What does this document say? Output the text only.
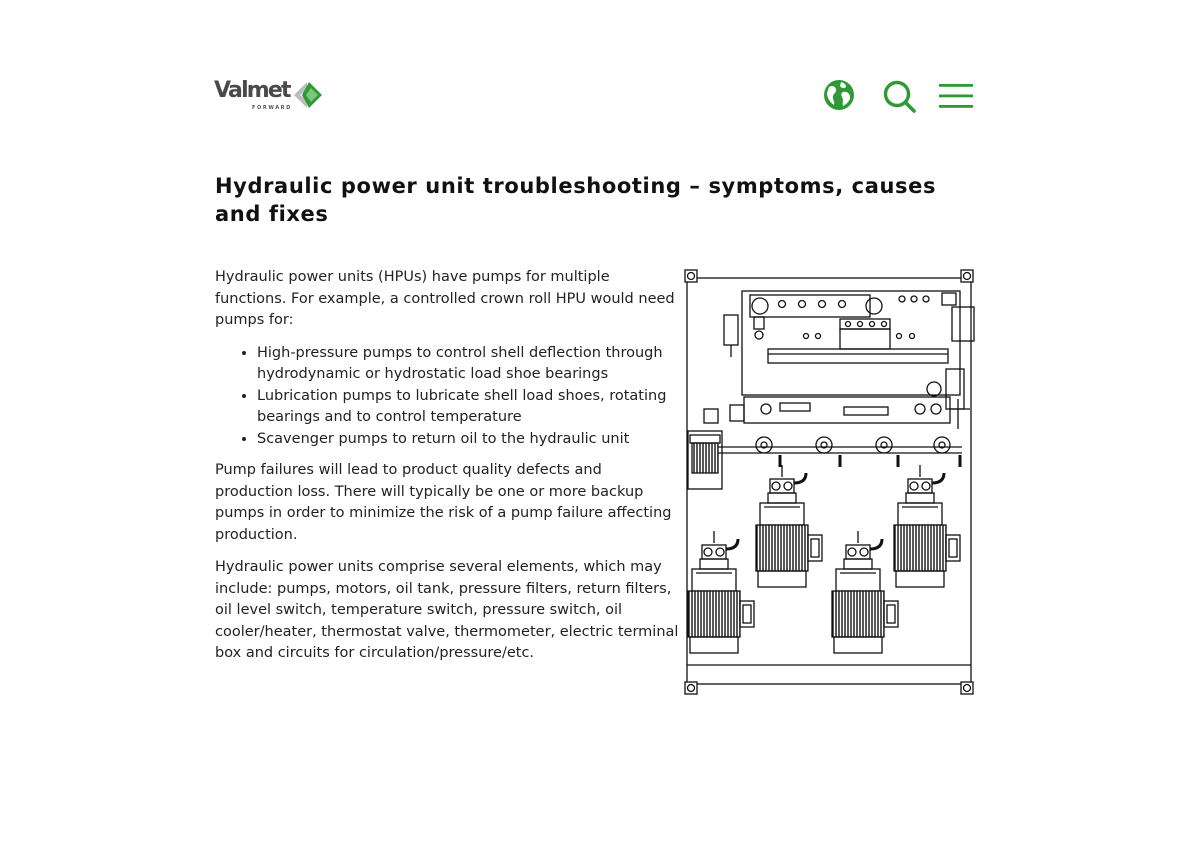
Valmet
FORWARD
Hydraulic power unit troubleshooting – symptoms, causes and fixes

Hydraulic power units (HPUs) have pumps for multiple functions. For example, a controlled crown roll HPU would need pumps for:

• High-pressure pumps to control shell deflection through hydrodynamic or hydrostatic load shoe bearings
• Lubrication pumps to lubricate shell load shoes, rotating bearings and to control temperature
• Scavenger pumps to return oil to the hydraulic unit

Pump failures will lead to product quality defects and production loss. There will typically be one or more backup pumps in order to minimize the risk of a pump failure affecting production.

Hydraulic power units comprise several elements, which may include: pumps, motors, oil tank, pressure filters, return filters, oil level switch, temperature switch, pressure switch, oil cooler/heater, thermostat valve, thermometer, electric terminal box and circuits for circulation/pressure/etc.
